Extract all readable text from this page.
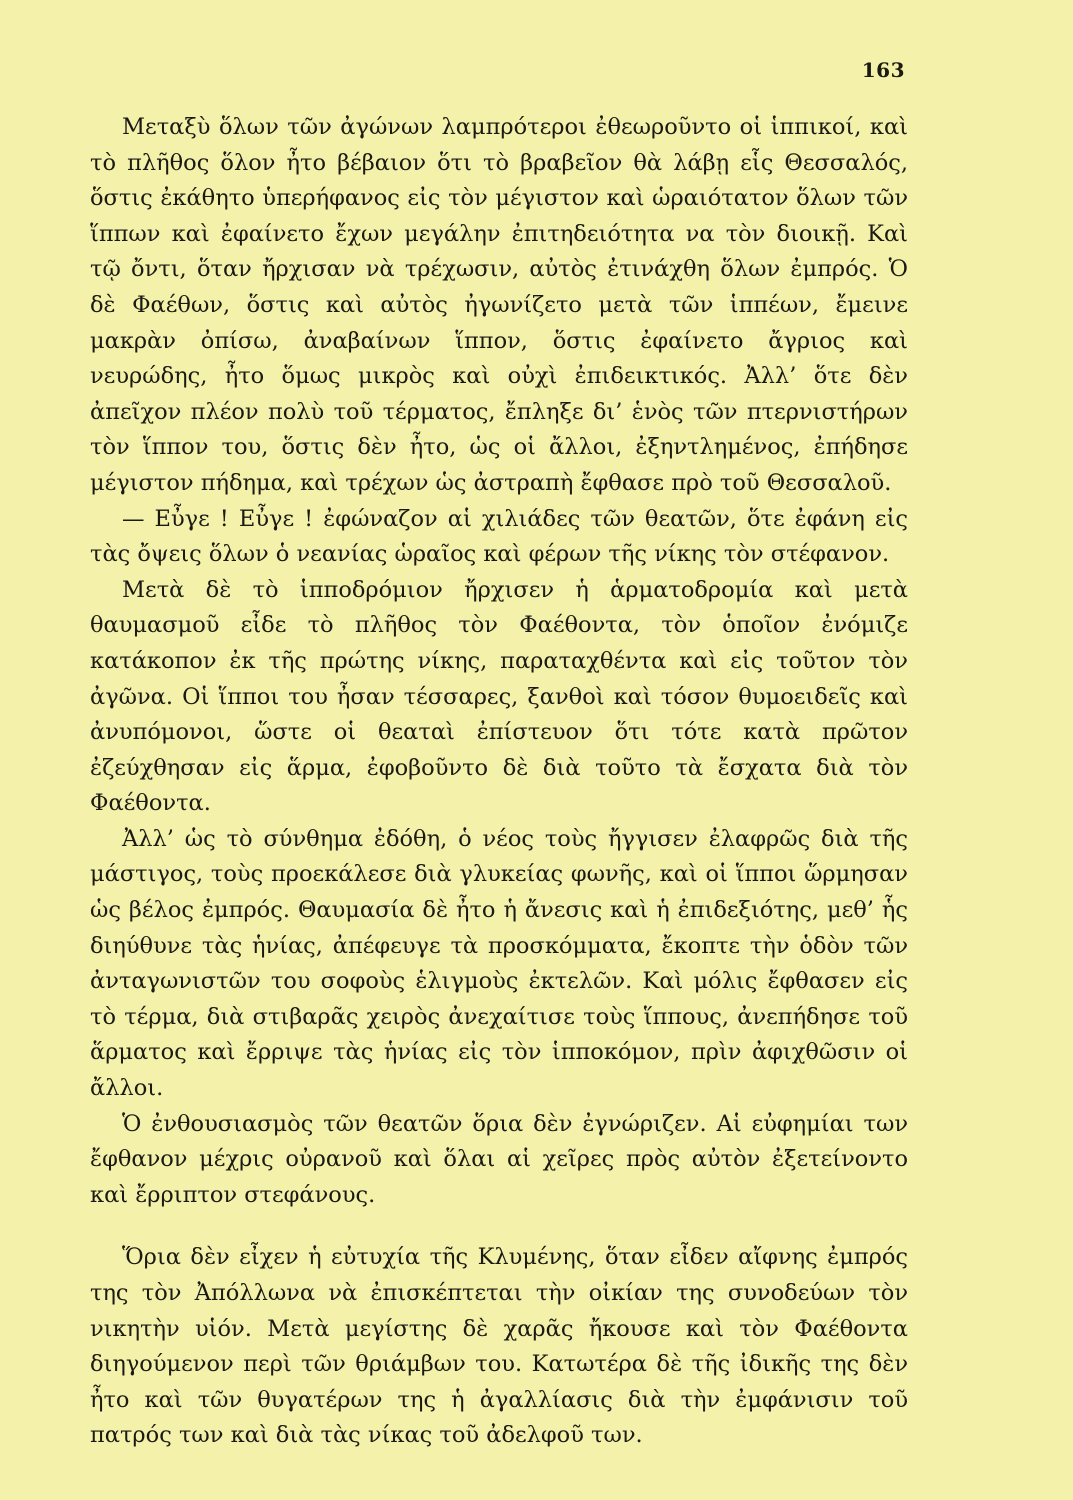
163

Μεταξὺ ὅλων τῶν ἀγώνων λαμπρότεροι ἐθεωροῦντο οἱ ἱππικοί, καὶ τὸ πλῆθος ὅλον ἦτο βέβαιον ὅτι τὸ βραβεῖον θὰ λάβῃ εἷς Θεσσαλός, ὅστις ἐκάθητο ὑπερήφανος εἰς τὸν μέγιστον καὶ ὡραιότατον ὅλων τῶν ἵππων καὶ ἐφαίνετο ἔχων μεγάλην ἐπιτηδειότητα να τὸν διοικῇ. Καὶ τῷ ὄντι, ὅταν ἤρχισαν νὰ τρέχωσιν, αὐτὸς ἐτινάχθη ὅλων ἐμπρός. Ὁ δὲ Φαέθων, ὅστις καὶ αὐτὸς ἠγωνίζετο μετὰ τῶν ἱππέων, ἔμεινε μακρὰν ὀπίσω, ἀναβαίνων ἵππον, ὅστις ἐφαίνετο ἄγριος καὶ νευρώδης, ἦτο ὅμως μικρὸς καὶ οὐχὶ ἐπιδεικτικός. Ἀλλ’ ὅτε δὲν ἀπεῖχον πλέον πολὺ τοῦ τέρματος, ἔπληξε δι’ ἑνὸς τῶν πτερνιστήρων τὸν ἵππον του, ὅστις δὲν ἦτο, ὡς οἱ ἄλλοι, ἐξηντλημένος, ἐπήδησε μέγιστον πήδημα, καὶ τρέχων ὡς ἀστραπὴ ἔφθασε πρὸ τοῦ Θεσσαλοῦ.

— Εὖγε ! Εὖγε ! ἐφώναζον αἱ χιλιάδες τῶν θεατῶν, ὅτε ἐφάνη εἰς τὰς ὄψεις ὅλων ὁ νεανίας ὡραῖος καὶ φέρων τῆς νίκης τὸν στέφανον.

Μετὰ δὲ τὸ ἱπποδρόμιον ἤρχισεν ἡ ἁρματοδρομία καὶ μετὰ θαυμασμοῦ εἶδε τὸ πλῆθος τὸν Φαέθοντα, τὸν ὁποῖον ἐνόμιζε κατάκοπον ἐκ τῆς πρώτης νίκης, παραταχθέντα καὶ εἰς τοῦτον τὸν ἀγῶνα. Οἱ ἵπποι του ἦσαν τέσσαρες, ξανθοὶ καὶ τόσον θυμοειδεῖς καὶ ἀνυπόμονοι, ὥστε οἱ θεαταὶ ἐπίστευον ὅτι τότε κατὰ πρῶτον ἐζεύχθησαν εἰς ἅρμα, ἐφοβοῦντο δὲ διὰ τοῦτο τὰ ἔσχατα διὰ τὸν Φαέθοντα.

Ἀλλ’ ὡς τὸ σύνθημα ἐδόθη, ὁ νέος τοὺς ἤγγισεν ἐλαφρῶς διὰ τῆς μάστιγος, τοὺς προεκάλεσε διὰ γλυκείας φωνῆς, καὶ οἱ ἵπποι ὥρμησαν ὡς βέλος ἐμπρός. Θαυμασία δὲ ἦτο ἡ ἄνεσις καὶ ἡ ἐπιδεξιότης, μεθ’ ἧς διηύθυνε τὰς ἡνίας, ἀπέφευγε τὰ προσκόμματα, ἔκοπτε τὴν ὁδὸν τῶν ἀνταγωνιστῶν του σοφοὺς ἑλιγμοὺς ἐκτελῶν. Καὶ μόλις ἔφθασεν εἰς τὸ τέρμα, διὰ στιβαρᾶς χειρὸς ἀνεχαίτισε τοὺς ἵππους, ἀνεπήδησε τοῦ ἅρματος καὶ ἔρριψε τὰς ἡνίας εἰς τὸν ἱπποκόμον, πρὶν ἀφιχθῶσιν οἱ ἄλλοι.

Ὁ ἐνθουσιασμὸς τῶν θεατῶν ὅρια δὲν ἐγνώριζεν. Αἱ εὐφημίαι των ἔφθανον μέχρις οὐρανοῦ καὶ ὅλαι αἱ χεῖρες πρὸς αὐτὸν ἐξετείνοντο καὶ ἔρριπτον στεφάνους.

Ὅρια δὲν εἶχεν ἡ εὐτυχία τῆς Κλυμένης, ὅταν εἶδεν αἴφνης ἐμπρός της τὸν Ἀπόλλωνα νὰ ἐπισκέπτεται τὴν οἰκίαν της συνοδεύων τὸν νικητὴν υἱόν. Μετὰ μεγίστης δὲ χαρᾶς ἤκουσε καὶ τὸν Φαέθοντα διηγούμενον περὶ τῶν θριάμβων του. Κατωτέρα δὲ τῆς ἰδικῆς της δὲν ἦτο καὶ τῶν θυγατέρων της ἡ ἀγαλλίασις διὰ τὴν ἐμφάνισιν τοῦ πατρός των καὶ διὰ τὰς νίκας τοῦ ἀδελφοῦ των.
